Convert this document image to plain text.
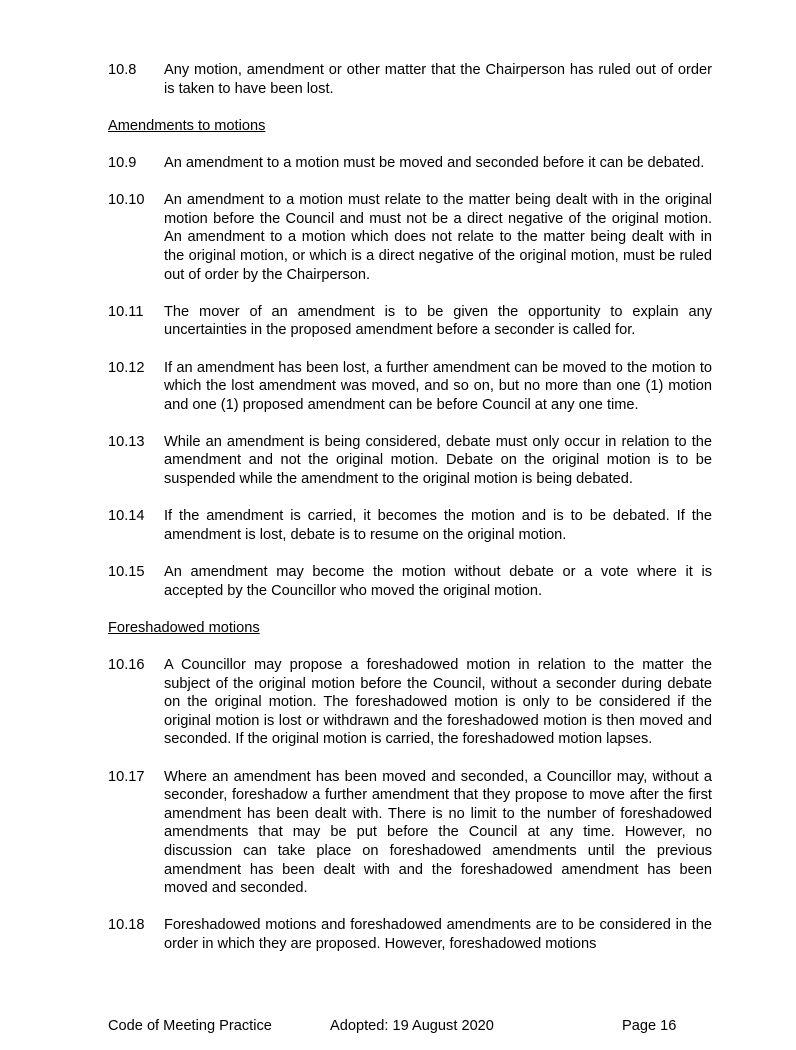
10.8	Any motion, amendment or other matter that the Chairperson has ruled out of order is taken to have been lost.
Amendments to motions
10.9	An amendment to a motion must be moved and seconded before it can be debated.
10.10	An amendment to a motion must relate to the matter being dealt with in the original motion before the Council and must not be a direct negative of the original motion. An amendment to a motion which does not relate to the matter being dealt with in the original motion, or which is a direct negative of the original motion, must be ruled out of order by the Chairperson.
10.11	The mover of an amendment is to be given the opportunity to explain any uncertainties in the proposed amendment before a seconder is called for.
10.12	If an amendment has been lost, a further amendment can be moved to the motion to which the lost amendment was moved, and so on, but no more than one (1) motion and one (1) proposed amendment can be before Council at any one time.
10.13	While an amendment is being considered, debate must only occur in relation to the amendment and not the original motion. Debate on the original motion is to be suspended while the amendment to the original motion is being debated.
10.14	If the amendment is carried, it becomes the motion and is to be debated. If the amendment is lost, debate is to resume on the original motion.
10.15	An amendment may become the motion without debate or a vote where it is accepted by the Councillor who moved the original motion.
Foreshadowed motions
10.16	A Councillor may propose a foreshadowed motion in relation to the matter the subject of the original motion before the Council, without a seconder during debate on the original motion. The foreshadowed motion is only to be considered if the original motion is lost or withdrawn and the foreshadowed motion is then moved and seconded. If the original motion is carried, the foreshadowed motion lapses.
10.17	Where an amendment has been moved and seconded, a Councillor may, without a seconder, foreshadow a further amendment that they propose to move after the first amendment has been dealt with. There is no limit to the number of foreshadowed amendments that may be put before the Council at any time. However, no discussion can take place on foreshadowed amendments until the previous amendment has been dealt with and the foreshadowed amendment has been moved and seconded.
10.18	Foreshadowed motions and foreshadowed amendments are to be considered in the order in which they are proposed. However, foreshadowed motions
Code of Meeting Practice	Adopted: 19 August 2020	Page 16
